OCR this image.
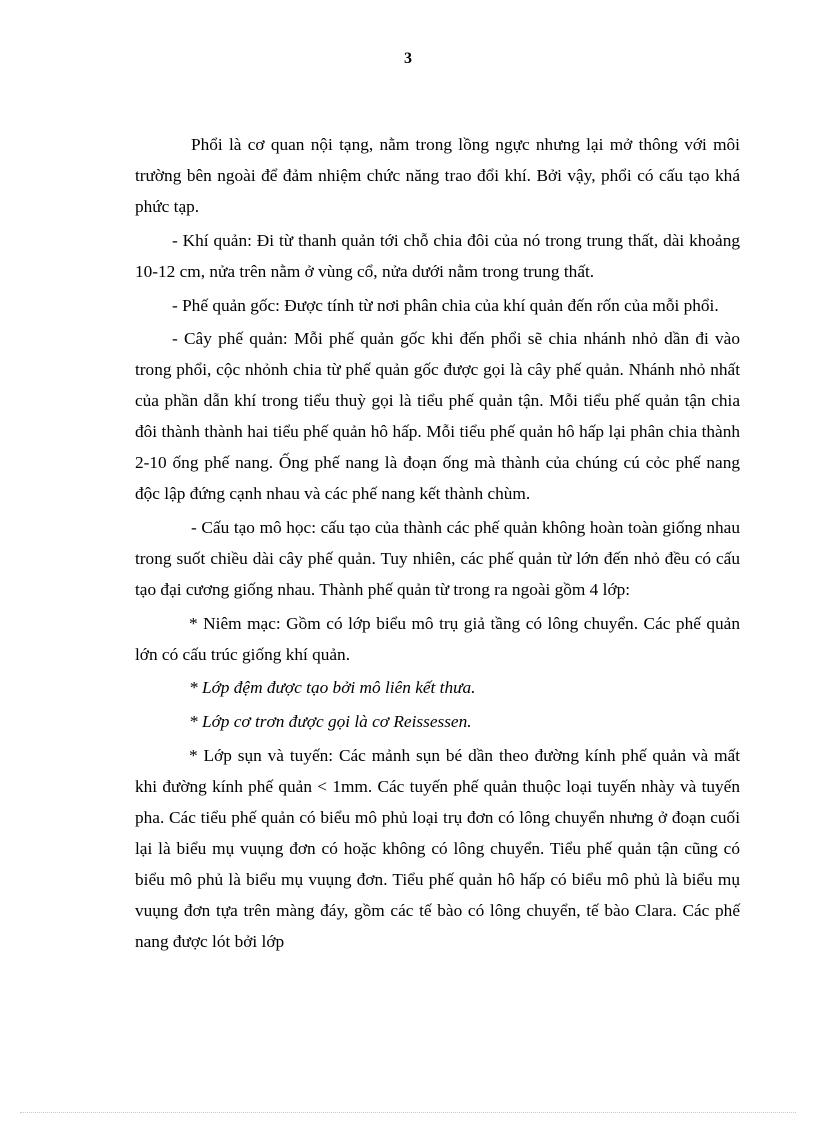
3

Phổi là cơ quan nội tạng, nằm trong lồng ngực nhưng lại mở thông với môi trường bên ngoài để đảm nhiệm chức năng trao đổi khí. Bởi vậy, phổi có cấu tạo khá phức tạp.

- Khí quản: Đi từ thanh quản tới chỗ chia đôi của nó trong trung thất, dài khoảng 10-12 cm, nửa trên nằm ở vùng cổ, nửa dưới nằm trong trung thất.

- Phế quản gốc: Được tính từ nơi phân chia của khí quản đến rốn của mỗi phổi.

- Cây phế quản: Mỗi phế quản gốc khi đến phổi sẽ chia nhánh nhỏ dần đi vào trong phổi, cộc nhỏnh chia từ phế quản gốc được gọi là cây phế quản. Nhánh nhỏ nhất của phần dẫn khí trong tiểu thuỳ gọi là tiểu phế quản tận. Mỗi tiểu phế quản tận chia đôi thành thành hai tiểu phế quản hô hấp. Mỗi tiểu phế quản hô hấp lại phân chia thành 2-10 ống phế nang. Ống phế nang là đoạn ống mà thành của chúng cú cỏc phế nang độc lập đứng cạnh nhau và các phế nang kết thành chùm.

- Cấu tạo mô học: cấu tạo của thành các phế quản không hoàn toàn giống nhau trong suốt chiều dài cây phế quản. Tuy nhiên, các phế quản từ lớn đến nhỏ đều có cấu tạo đại cương giống nhau. Thành phế quản từ trong ra ngoài gồm 4 lớp:

* Niêm mạc: Gồm có lớp biểu mô trụ giả tầng có lông chuyển. Các phế quản lớn có cấu trúc giống khí quản.

* Lớp đệm được tạo bởi mô liên kết thưa.

* Lớp cơ trơn được gọi là cơ Reissessen.

* Lớp sụn và tuyến: Các mảnh sụn bé dần theo đường kính phế quản và mất khi đường kính phế quản < 1mm. Các tuyến phế quản thuộc loại tuyến nhày và tuyến pha. Các tiểu phế quản có biểu mô phủ loại trụ đơn có lông chuyển nhưng ở đoạn cuối lại là biểu mụ vuụng đơn có hoặc không có lông chuyển. Tiểu phế quản tận cũng có biểu mô phủ là biểu mụ vuụng đơn. Tiểu phế quản hô hấp có biểu mô phủ là biểu mụ vuụng đơn tựa trên màng đáy, gồm các tế bào có lông chuyển, tế bào Clara. Các phế nang được lót bởi lớp
